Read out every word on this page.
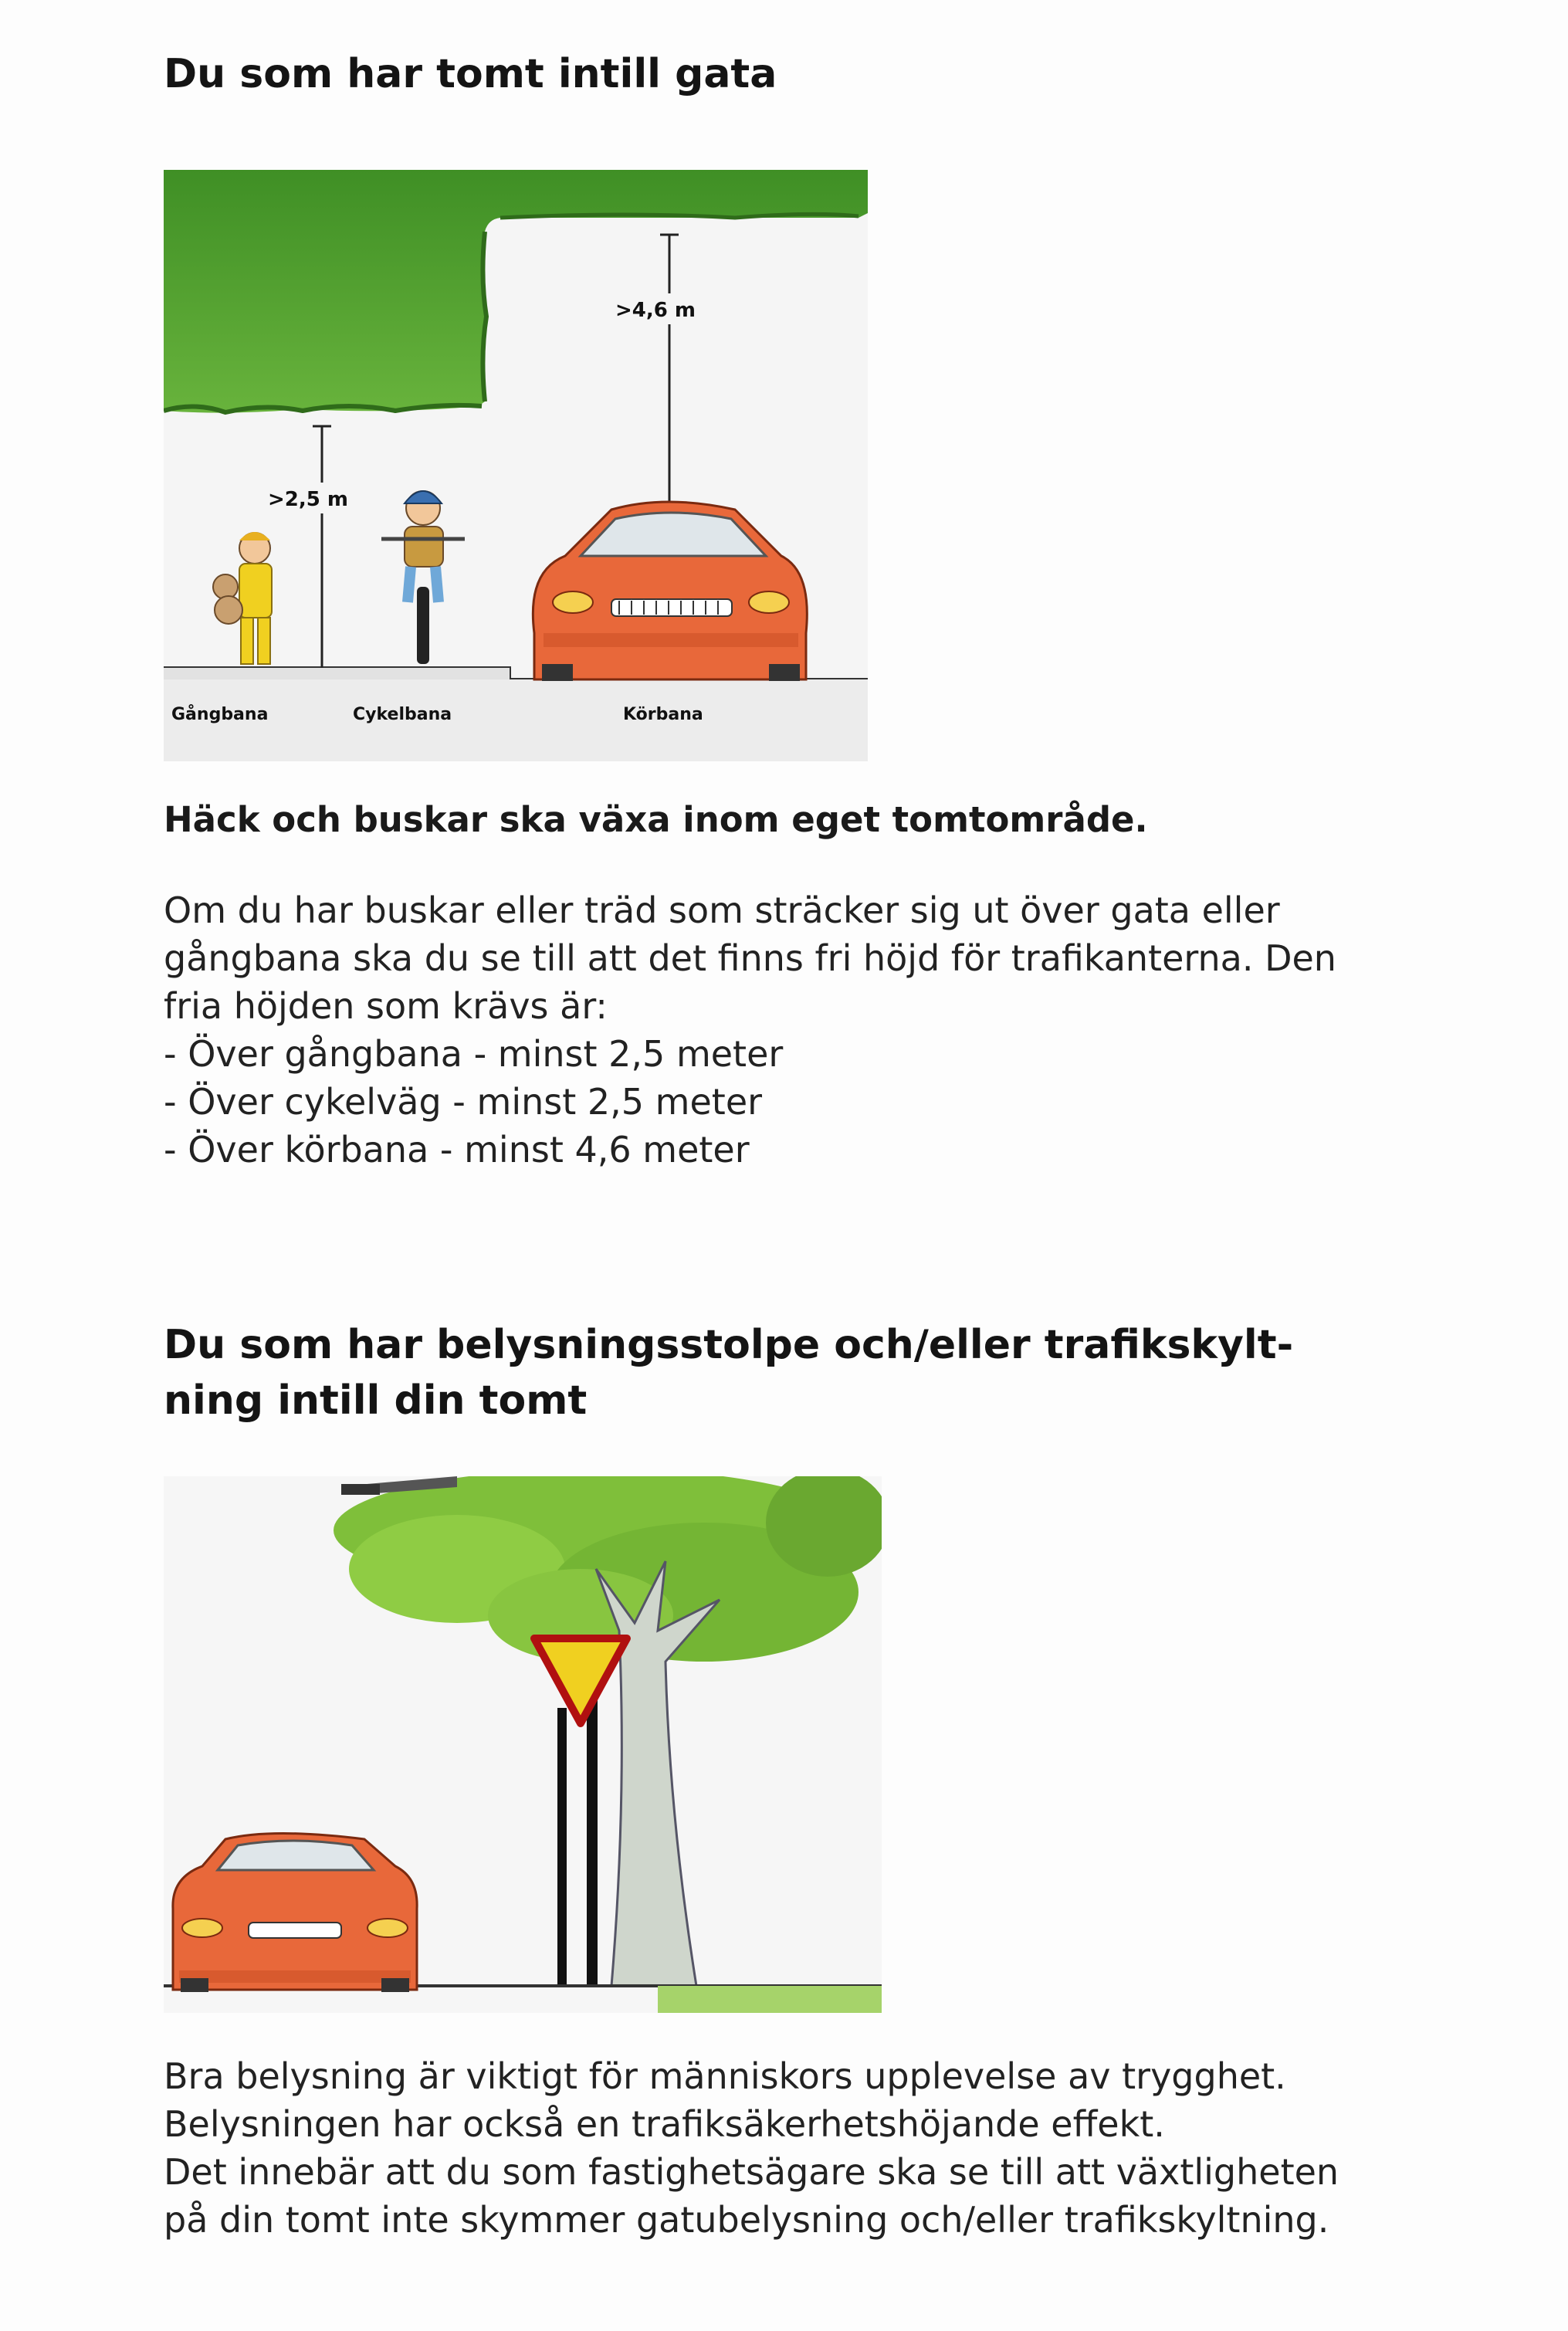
Du som har tomt intill gata
>4,6 m
>2,5 m
Gångbana	Cykelbana	Körbana
Häck och buskar ska växa inom eget tomtområde.
Om du har buskar eller träd som sträcker sig ut över gata eller
gångbana ska du se till att det finns fri höjd för trafikanterna. Den
fria höjden som krävs är:
- Över gångbana - minst 2,5 meter
- Över cykelväg - minst 2,5 meter
- Över körbana - minst 4,6 meter
Du som har belysningsstolpe och/eller trafikskylt-
ning intill din tomt
Bra belysning är viktigt för människors upplevelse av trygghet.
Belysningen har också en trafiksäkerhetshöjande effekt.
Det innebär att du som fastighetsägare ska se till att växtligheten
på din tomt inte skymmer gatubelysning och/eller trafikskyltning.
